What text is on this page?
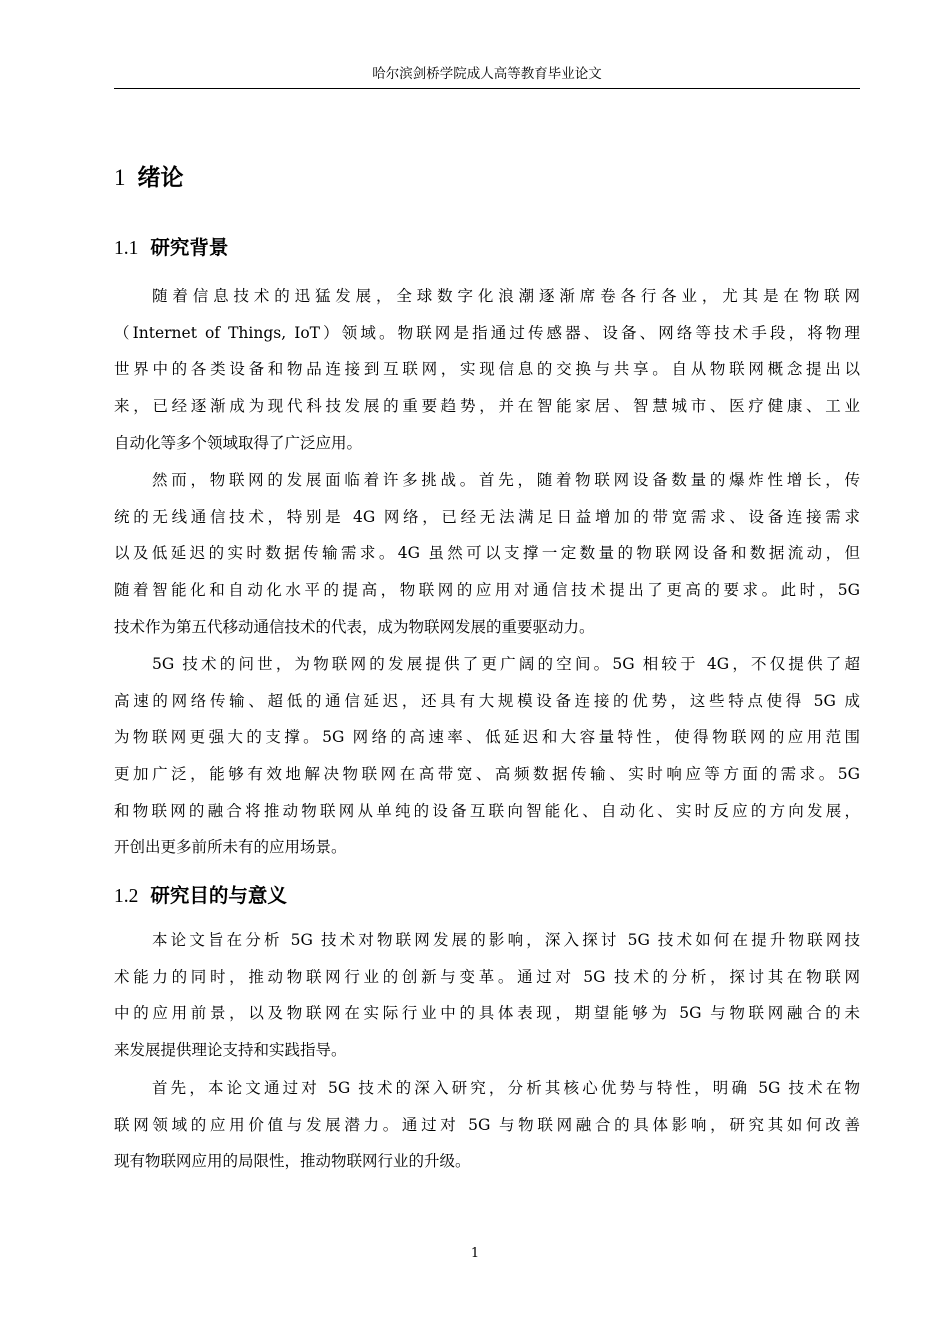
哈尔滨剑桥学院成人高等教育毕业论文
1 绪论
1.1 研究背景
随着信息技术的迅猛发展，全球数字化浪潮逐渐席卷各行各业，尤其是在物联网
（Internet of Things, IoT）领域。物联网是指通过传感器、设备、网络等技术手段，将物理
世界中的各类设备和物品连接到互联网，实现信息的交换与共享。自从物联网概念提出以
来，已经逐渐成为现代科技发展的重要趋势，并在智能家居、智慧城市、医疗健康、工业
自动化等多个领域取得了广泛应用。
然而，物联网的发展面临着许多挑战。首先，随着物联网设备数量的爆炸性增长，传
统的无线通信技术，特别是 4G 网络，已经无法满足日益增加的带宽需求、设备连接需求
以及低延迟的实时数据传输需求。4G 虽然可以支撑一定数量的物联网设备和数据流动，但
随着智能化和自动化水平的提高，物联网的应用对通信技术提出了更高的要求。此时，5G
技术作为第五代移动通信技术的代表，成为物联网发展的重要驱动力。
5G 技术的问世，为物联网的发展提供了更广阔的空间。5G 相较于 4G，不仅提供了超
高速的网络传输、超低的通信延迟，还具有大规模设备连接的优势，这些特点使得 5G 成
为物联网更强大的支撑。5G 网络的高速率、低延迟和大容量特性，使得物联网的应用范围
更加广泛，能够有效地解决物联网在高带宽、高频数据传输、实时响应等方面的需求。5G
和物联网的融合将推动物联网从单纯的设备互联向智能化、自动化、实时反应的方向发展，
开创出更多前所未有的应用场景。
1.2 研究目的与意义
本论文旨在分析 5G 技术对物联网发展的影响，深入探讨 5G 技术如何在提升物联网技
术能力的同时，推动物联网行业的创新与变革。通过对 5G 技术的分析，探讨其在物联网
中的应用前景，以及物联网在实际行业中的具体表现，期望能够为 5G 与物联网融合的未
来发展提供理论支持和实践指导。
首先，本论文通过对 5G 技术的深入研究，分析其核心优势与特性，明确 5G 技术在物
联网领域的应用价值与发展潜力。通过对 5G 与物联网融合的具体影响，研究其如何改善
现有物联网应用的局限性，推动物联网行业的升级。
1
